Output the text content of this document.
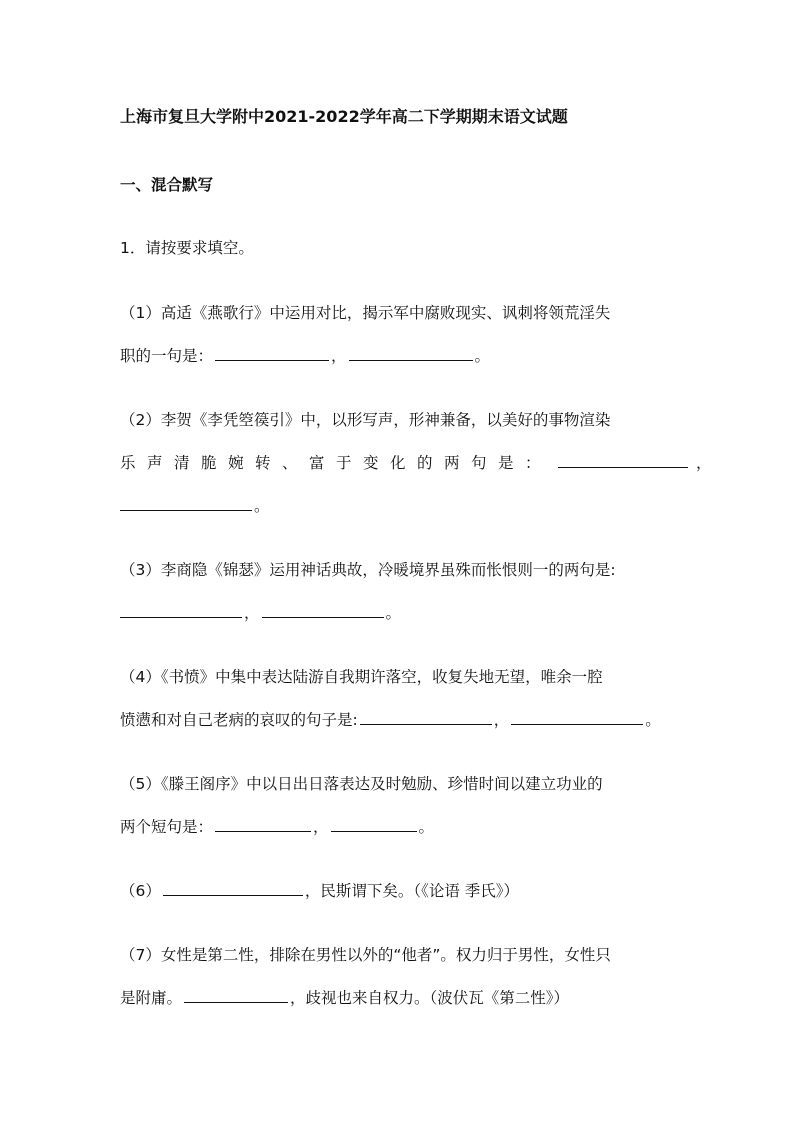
上海市复旦大学附中2021-2022学年高二下学期期末语文试题
一、混合默写
1．请按要求填空。
（1）高适《燕歌行》中运用对比，揭示军中腐败现实、讽刺将领荒淫失
职的一句是：	，	。
（2）李贺《李凭箜篌引》中，以形写声，形神兼备，以美好的事物渲染
乐声清脆婉转、富于变化的两句是：	，
。
（3）李商隐《锦瑟》运用神话典故，冷暖境界虽殊而怅恨则一的两句是:
，	。
（4）《书愤》中集中表达陆游自我期许落空，收复失地无望，唯余一腔
愤懑和对自己老病的哀叹的句子是:	，	。
（5）《滕王阁序》中以日出日落表达及时勉励、珍惜时间以建立功业的
两个短句是：	，	。
（6）	，民斯谓下矣。（《论语 季氏》）
（7）女性是第二性，排除在男性以外的“他者”。权力归于男性，女性只
是附庸。	，歧视也来自权力。（波伏瓦《第二性》）
